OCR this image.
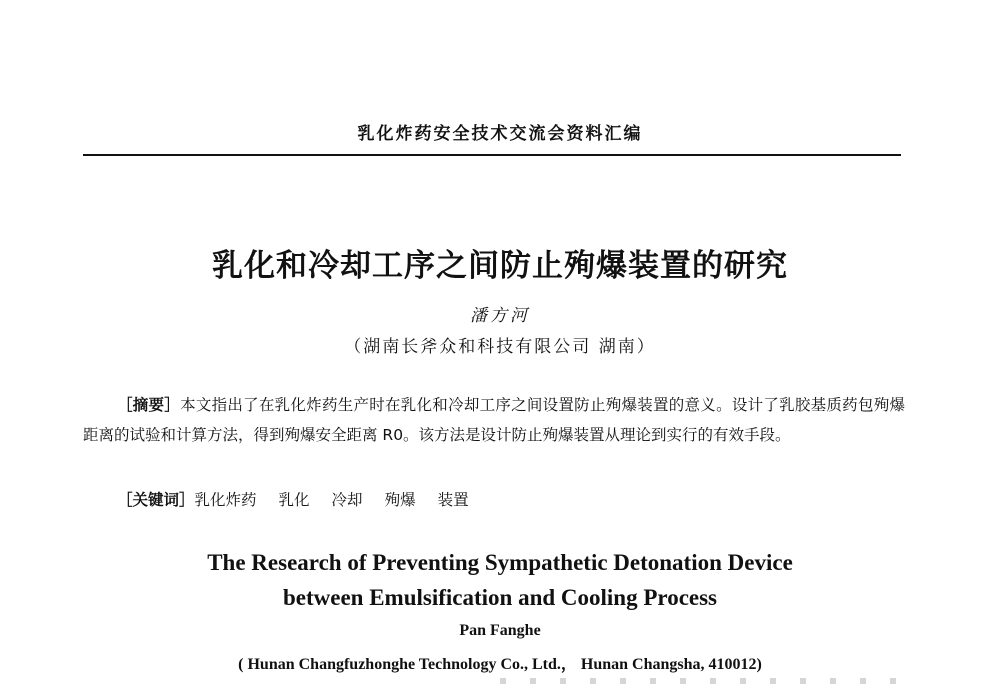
乳化炸药安全技术交流会资料汇编
乳化和冷却工序之间防止殉爆装置的研究
潘方河
（湖南长斧众和科技有限公司 湖南）
［摘要］本文指出了在乳化炸药生产时在乳化和冷却工序之间设置防止殉爆装置的意义。设计了乳胶基质药包殉爆距离的试验和计算方法，得到殉爆安全距离 R0。该方法是设计防止殉爆装置从理论到实行的有效手段。
［关键词］乳化炸药 乳化 冷却 殉爆 装置
The Research of Preventing Sympathetic Detonation Device
between Emulsification and Cooling Process
Pan Fanghe
( Hunan Changfuzhonghe Technology Co., Ltd.， Hunan Changsha, 410012)
